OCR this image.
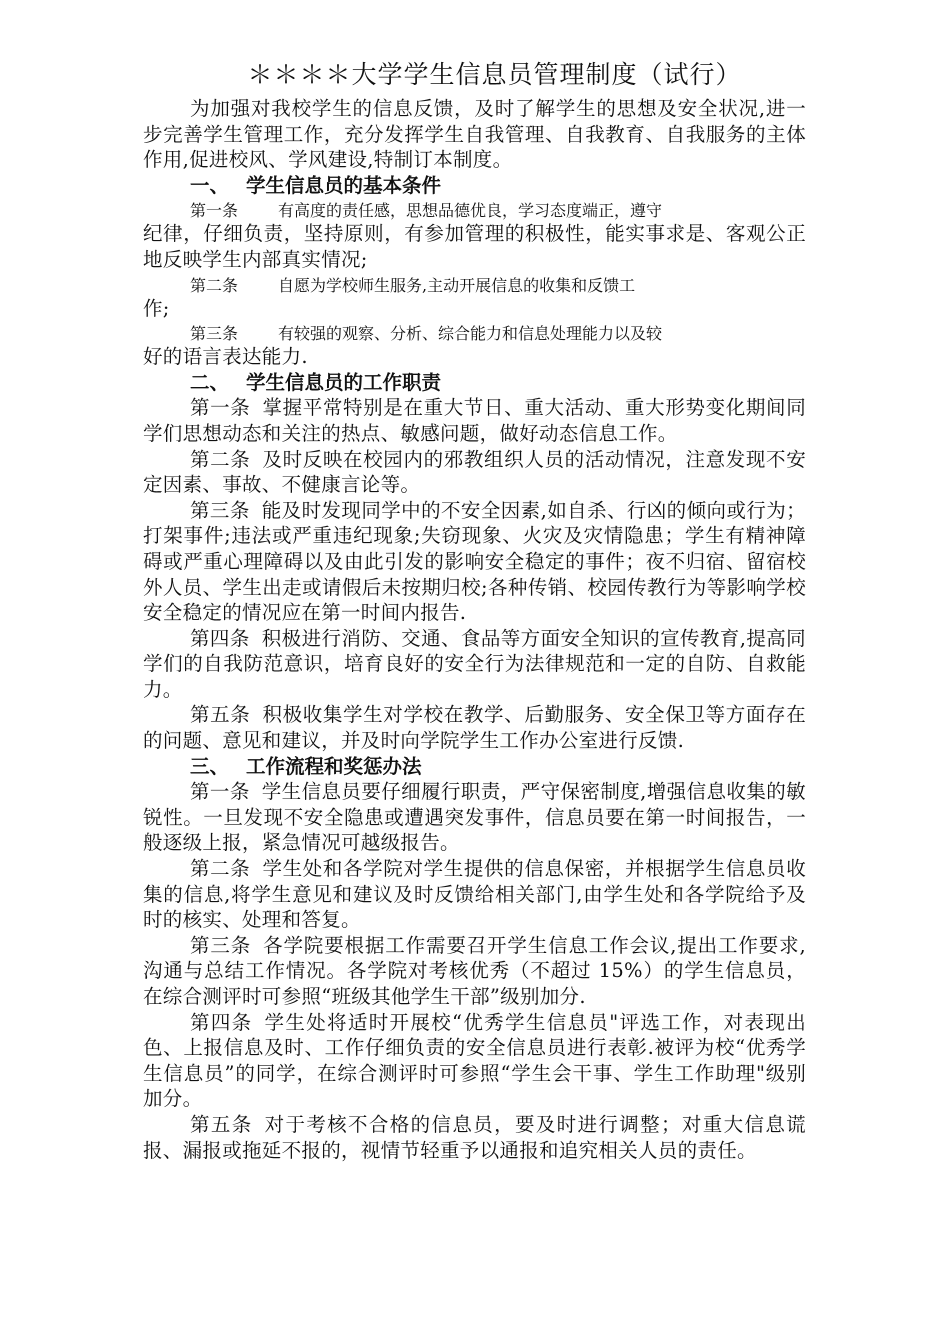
＊＊＊＊大学学生信息员管理制度（试行）

为加强对我校学生的信息反馈，及时了解学生的思想及安全状况,进一步完善学生管理工作，充分发挥学生自我管理、自我教育、自我服务的主体作用,促进校风、学风建设,特制订本制度。

一、 学生信息员的基本条件
第一条	有高度的责任感，思想品德优良，学习态度端正，遵守

纪律，仔细负责，坚持原则，有参加管理的积极性，能实事求是、客观公正地反映学生内部真实情况;

第二条	自愿为学校师生服务,主动开展信息的收集和反馈工

作;

第三条	有较强的观察、分析、综合能力和信息处理能力以及较

好的语言表达能力.

二、 学生信息员的工作职责

第一条 掌握平常特别是在重大节日、重大活动、重大形势变化期间同学们思想动态和关注的热点、敏感问题，做好动态信息工作。

第二条 及时反映在校园内的邪教组织人员的活动情况，注意发现不安定因素、事故、不健康言论等。

第三条 能及时发现同学中的不安全因素,如自杀、行凶的倾向或行为；打架事件;违法或严重违纪现象;失窃现象、火灾及灾情隐患；学生有精神障碍或严重心理障碍以及由此引发的影响安全稳定的事件；夜不归宿、留宿校外人员、学生出走或请假后未按期归校;各种传销、校园传教行为等影响学校安全稳定的情况应在第一时间内报告.

第四条 积极进行消防、交通、食品等方面安全知识的宣传教育,提高同学们的自我防范意识，培育良好的安全行为法律规范和一定的自防、自救能力。

第五条 积极收集学生对学校在教学、后勤服务、安全保卫等方面存在的问题、意见和建议，并及时向学院学生工作办公室进行反馈.

三、 工作流程和奖惩办法

第一条 学生信息员要仔细履行职责，严守保密制度,增强信息收集的敏锐性。一旦发现不安全隐患或遭遇突发事件，信息员要在第一时间报告，一般逐级上报，紧急情况可越级报告。

第二条 学生处和各学院对学生提供的信息保密，并根据学生信息员收集的信息,将学生意见和建议及时反馈给相关部门,由学生处和各学院给予及时的核实、处理和答复。

第三条 各学院要根据工作需要召开学生信息工作会议,提出工作要求,沟通与总结工作情况。各学院对考核优秀（不超过 15%）的学生信息员，在综合测评时可参照“班级其他学生干部”级别加分.

第四条 学生处将适时开展校“优秀学生信息员"评选工作，对表现出色、上报信息及时、工作仔细负责的安全信息员进行表彰.被评为校“优秀学生信息员”的同学，在综合测评时可参照“学生会干事、学生工作助理"级别加分。

第五条 对于考核不合格的信息员，要及时进行调整；对重大信息谎报、漏报或拖延不报的，视情节轻重予以通报和追究相关人员的责任。
